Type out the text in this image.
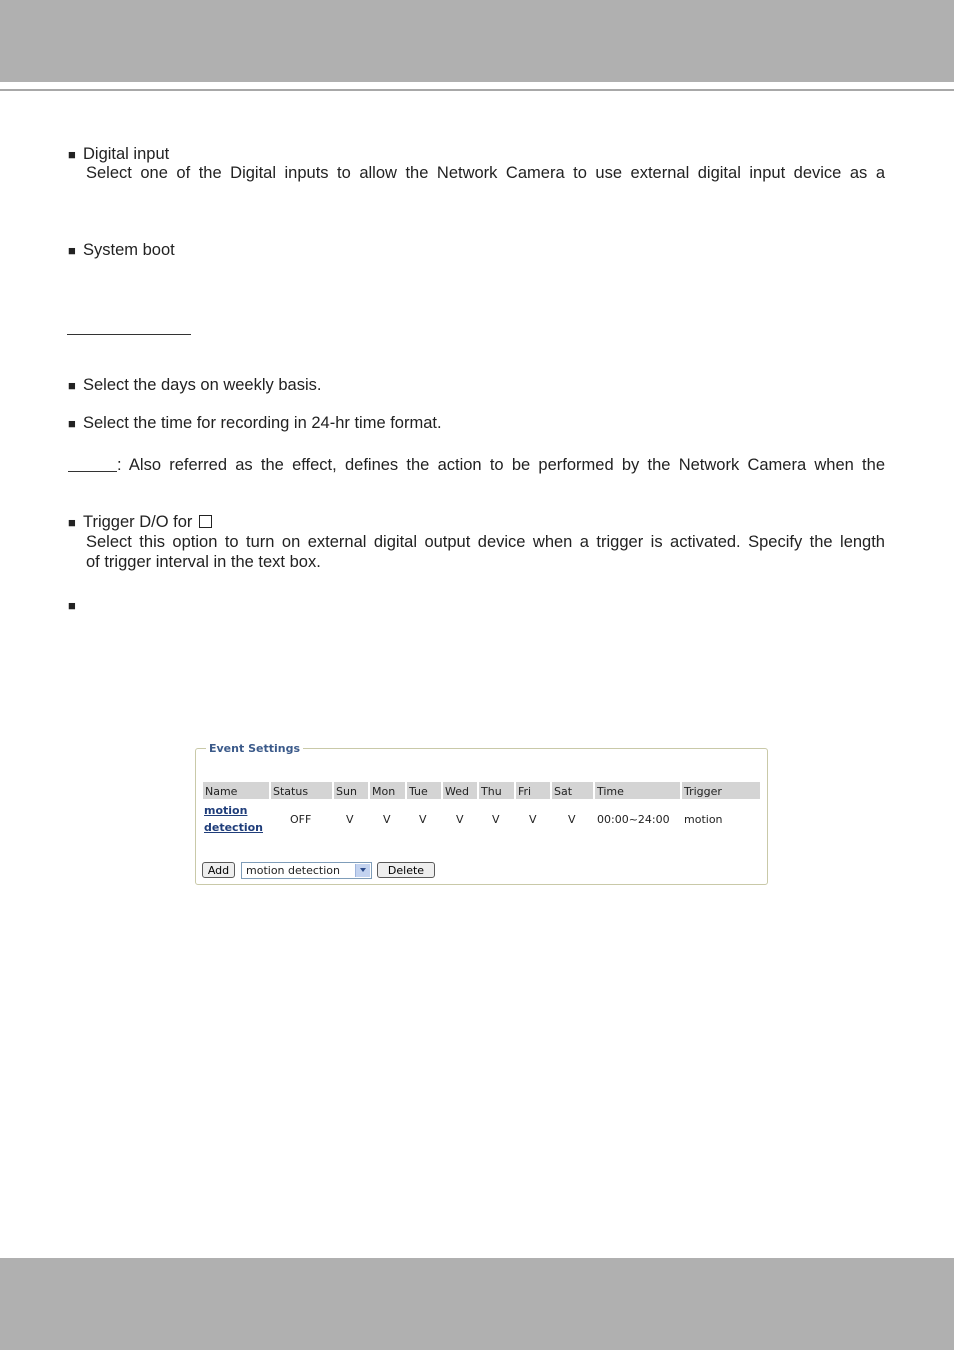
■ Digital input
Select one of the Digital inputs to allow the Network Camera to use external digital input device as a
■ System boot
■ Select the days on weekly basis.
■ Select the time for recording in 24-hr time format.
: Also referred as the effect, defines the action to be performed by the Network Camera when the
■ Trigger D/O for
Select this option to turn on external digital output device when a trigger is activated. Specify the length
of trigger interval in the text box.
■
Event Settings
Name	Status	Sun	Mon	Tue	Wed	Thu	Fri	Sat	Time	Trigger
motion
detection
OFF	V	V	V	V	V	V	V 00:00~24:00 motion
Add	motion detection	Delete
